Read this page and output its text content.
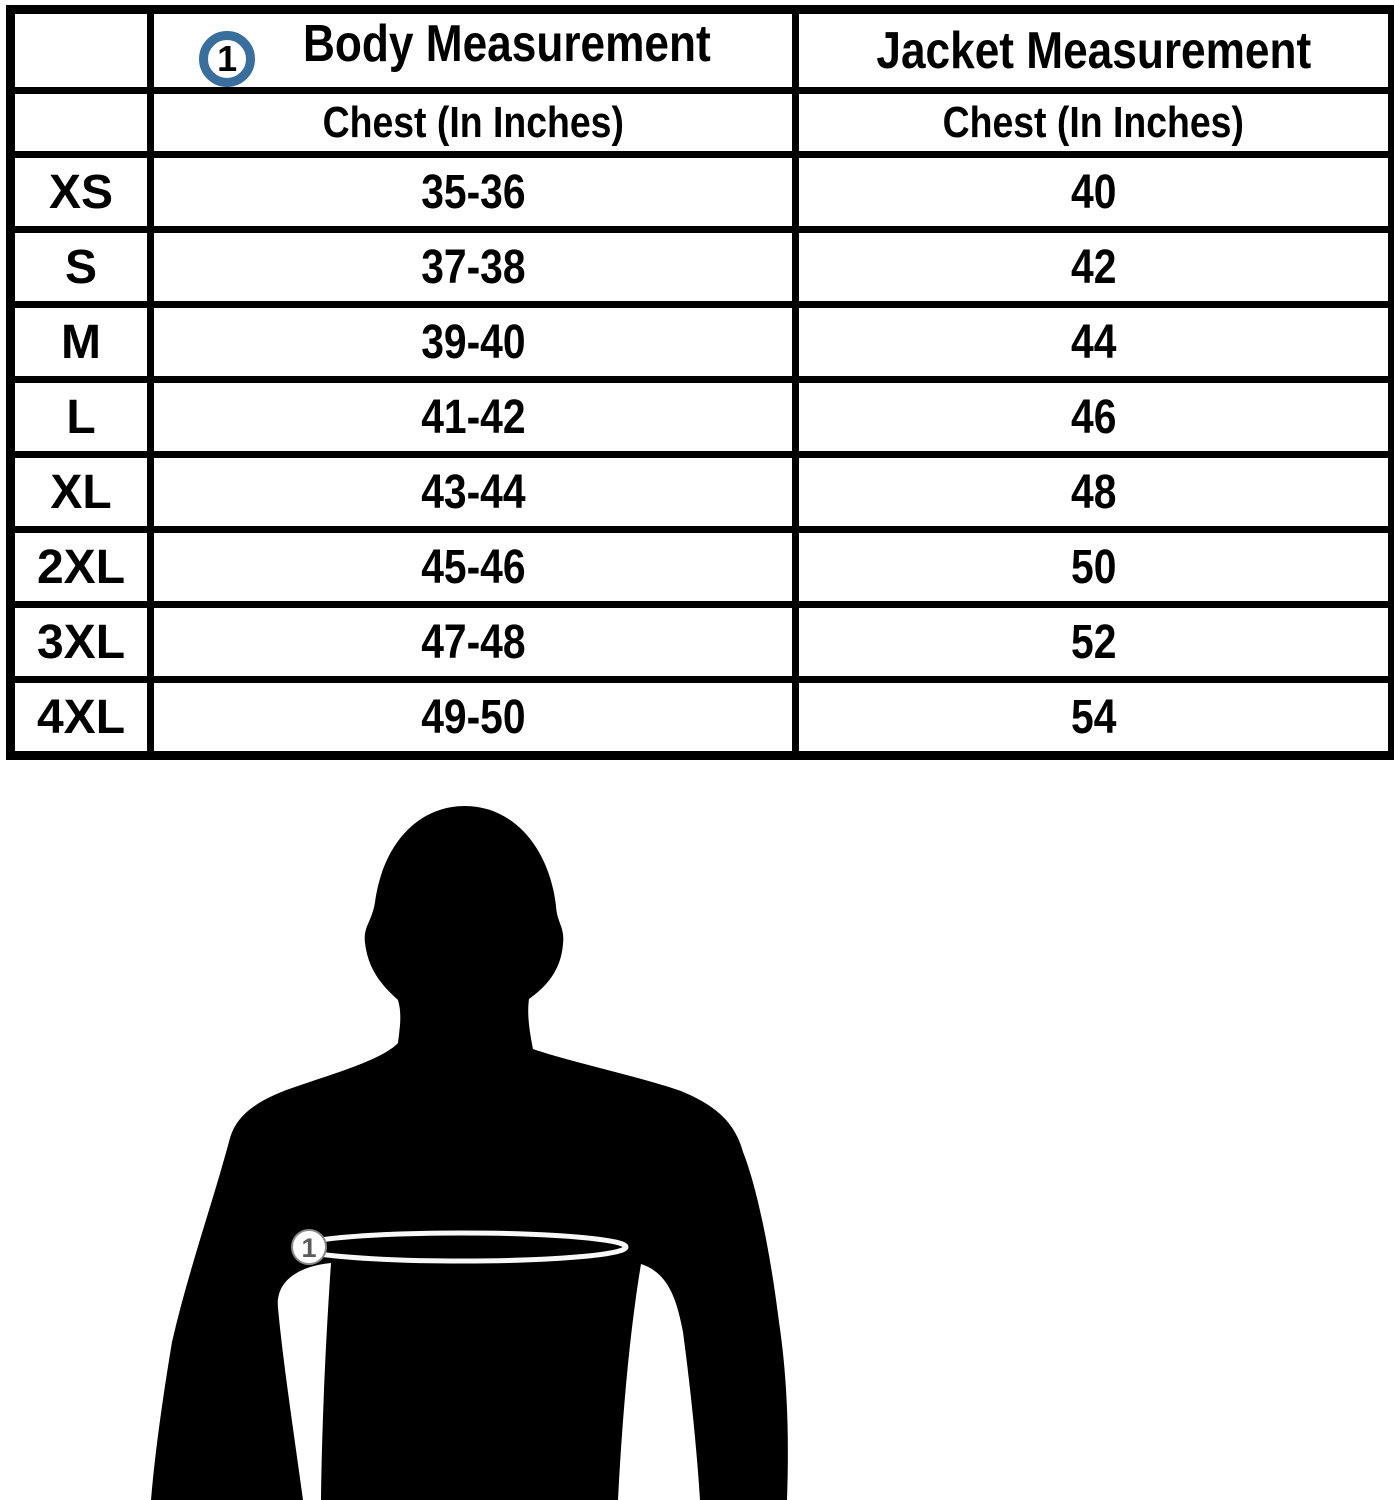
	1 Body Measurement	Jacket Measurement
	Chest (In Inches)	Chest (In Inches)
XS	35-36	40
S	37-38	42
M	39-40	44
L	41-42	46
XL	43-44	48
2XL	45-46	50
3XL	47-48	52
4XL	49-50	54
1
